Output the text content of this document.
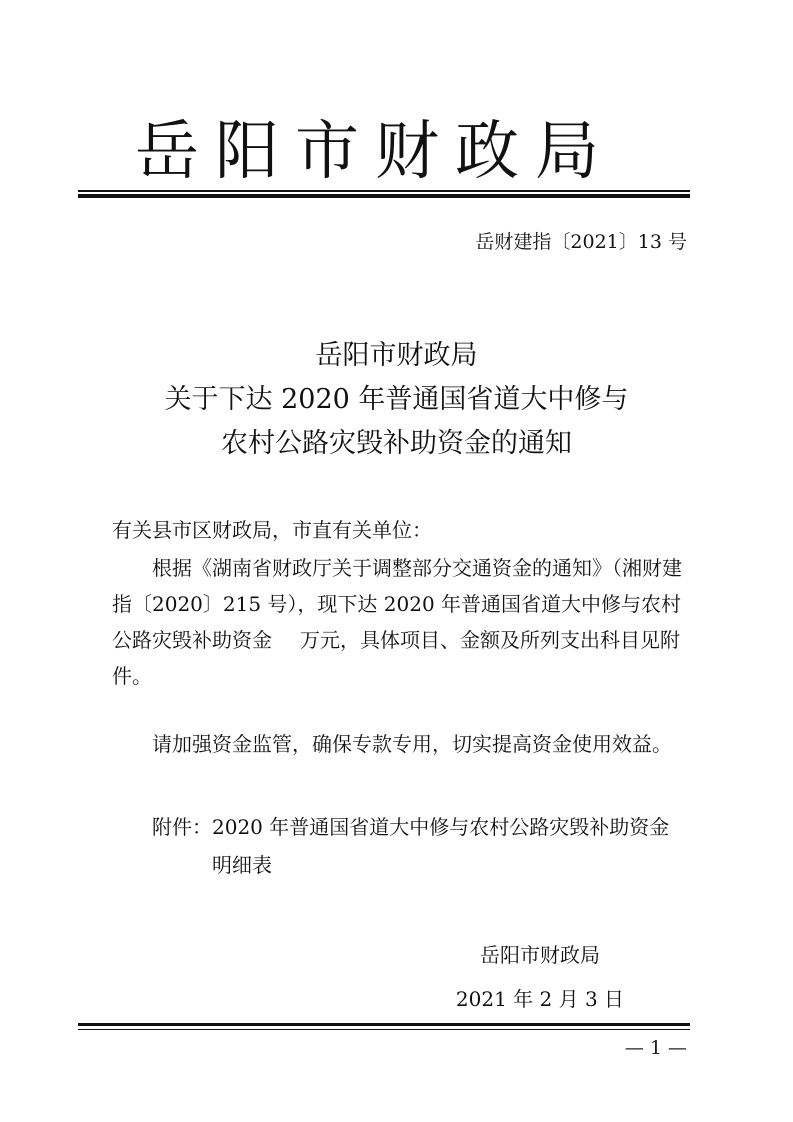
岳阳市财政局
岳财建指〔2021〕13 号
岳阳市财政局
关于下达 2020 年普通国省道大中修与
农村公路灾毁补助资金的通知
有关县市区财政局，市直有关单位：
根据《湖南省财政厅关于调整部分交通资金的通知》（湘财建指〔2020〕215 号），现下达 2020 年普通国省道大中修与农村公路灾毁补助资金 万元，具体项目、金额及所列支出科目见附件。
请加强资金监管，确保专款专用，切实提高资金使用效益。
附件：2020 年普通国省道大中修与农村公路灾毁补助资金
明细表
岳阳市财政局
2021 年 2 月 3 日
— 1 —
